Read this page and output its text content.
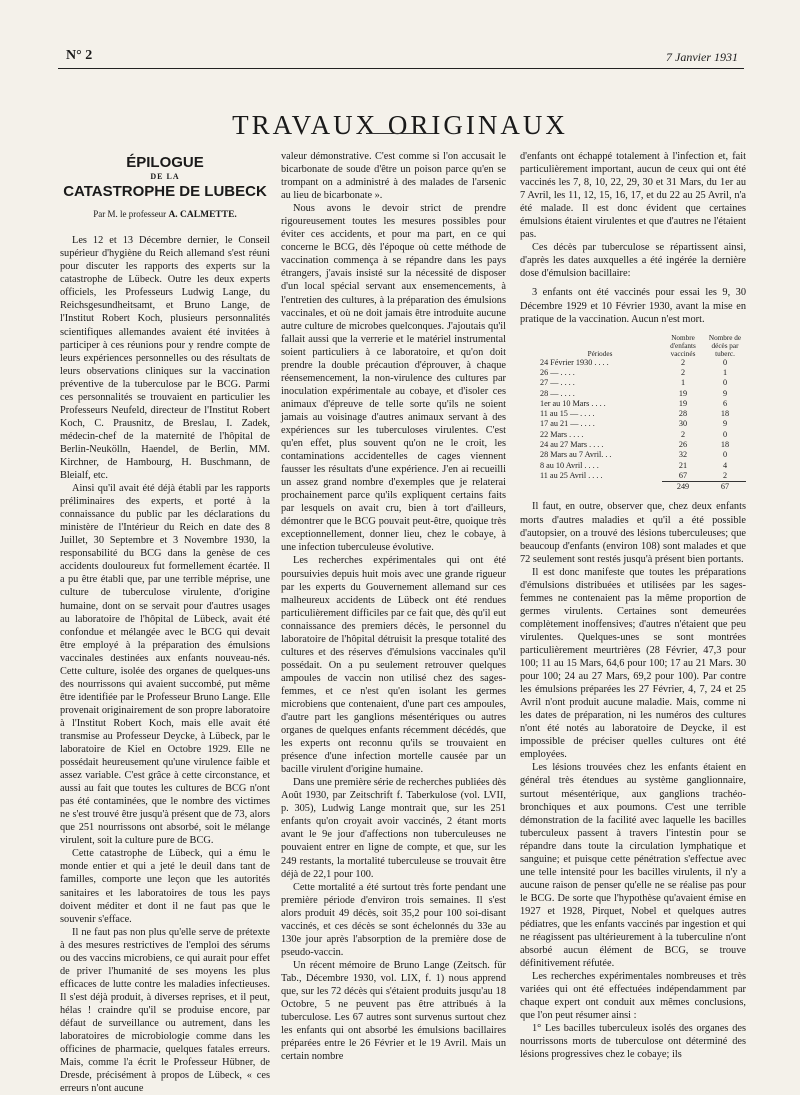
N° 2	7 Janvier 1931
TRAVAUX ORIGINAUX
ÉPILOGUE
DE LA
CATASTROPHE DE LUBECK
Par M. le professeur A. CALMETTE.

Les 12 et 13 Décembre dernier, le Conseil supérieur d'hygiène du Reich allemand s'est réuni pour discuter les rapports des experts sur la catastrophe de Lübeck. Outre les deux experts officiels, les Professeurs Ludwig Lange, du Reichsgesundheitsamt, et Bruno Lange, de l'Institut Robert Koch, plusieurs personnalités scientifiques allemandes avaient été invitées à participer à ces réunions pour y rendre compte de leurs expériences personnelles ou des résultats de leurs observations cliniques sur la vaccination préventive de la tuberculose par le BCG. Parmi ces personnalités se trouvaient en particulier les Professeurs Neufeld, directeur de l'Institut Robert Koch, C. Prausnitz, de Breslau, I. Zadek, médecin-chef de la maternité de l'hôpital de Berlin-Neukölln, Haendel, de Berlin, MM. Kirchner, de Hambourg, H. Buschmann, de Bleialf, etc.

Ainsi qu'il avait été déjà établi par les rapports préliminaires des experts, et porté à la connaissance du public par les déclarations du ministère de l'Intérieur du Reich en date des 8 Juillet, 30 Septembre et 3 Novembre 1930, la responsabilité du BCG dans la genèse de ces accidents douloureux fut formellement écartée. Il a pu être établi que, par une terrible méprise, une culture de tuberculose virulente, d'origine humaine, dont on se servait pour d'autres usages au laboratoire de l'hôpital de Lübeck, avait été confondue et mélangée avec le BCG qui devait être employé à la préparation des émulsions vaccinales destinées aux enfants nouveau-nés. Cette culture, isolée des organes de quelques-uns des nourrissons qui avaient succombé, put même être identifiée par le Professeur Bruno Lange. Elle provenait originairement de son propre laboratoire à l'Institut Robert Koch, mais elle avait été transmise au Professeur Deycke, à Lübeck, par le laboratoire de Kiel en Octobre 1929. Elle ne possédait heureusement qu'une virulence faible et assez variable. C'est grâce à cette circonstance, et aussi au fait que toutes les cultures de BCG n'ont pas été contaminées, que le nombre des victimes ne s'est trouvé être jusqu'à présent que de 73, alors que 251 nourrissons ont absorbé, soit le mélange virulent, soit la culture pure de BCG.

Cette catastrophe de Lübeck, qui a ému le monde entier et qui a jeté le deuil dans tant de familles, comporte une leçon que les autorités sanitaires et les laboratoires de tous les pays doivent méditer et dont il ne faut pas que le souvenir s'efface.

Il ne faut pas non plus qu'elle serve de prétexte à des mesures restrictives de l'emploi des sérums ou des vaccins microbiens, ce qui aurait pour effet de priver l'humanité de ses moyens les plus efficaces de lutte contre les maladies infectieuses. Il s'est déjà produit, à diverses reprises, et il peut, hélas ! craindre qu'il se produise encore, par défaut de surveillance ou autrement, dans les laboratoires de microbiologie comme dans les officines de pharmacie, quelques fatales erreurs. Mais, comme l'a écrit le Professeur Hübner, de Dresde, précisément à propos de Lübeck, « ces erreurs n'ont aucune

valeur démonstrative. C'est comme si l'on accusait le bicarbonate de soude d'être un poison parce qu'en se trompant on a administré à des malades de l'arsenic au lieu de bicarbonate ».

Nous avons le devoir strict de prendre rigoureusement toutes les mesures possibles pour éviter ces accidents, et pour ma part, en ce qui concerne le BCG, dès l'époque où cette méthode de vaccination commença à se répandre dans les pays étrangers, j'avais insisté sur la nécessité de disposer d'un local spécial servant aux ensemencements, à l'entretien des cultures, à la préparation des émulsions vaccinales, et où ne doit jamais être introduite aucune autre culture de microbes quelconques. J'ajoutais qu'il fallait aussi que la verrerie et le matériel instrumental soient particuliers à ce laboratoire, et qu'on doit prendre la double précaution d'éprouver, à chaque réensemencement, la non-virulence des cultures par inoculation expérimentale au cobaye, et d'isoler ces animaux d'épreuve de telle sorte qu'ils ne soient jamais au voisinage d'autres animaux servant à des expériences sur les tuberculoses virulentes. C'est qu'en effet, plus souvent qu'on ne le croit, les contaminations accidentelles de cages viennent fausser les résultats d'une expérience. J'en ai recueilli un assez grand nombre d'exemples que je relaterai prochainement parce qu'ils expliquent certains faits par lesquels on avait cru, bien à tort d'ailleurs, démontrer que le BCG pouvait peut-être, quoique très exceptionnellement, donner lieu, chez le cobaye, à une infection tuberculeuse évolutive.

Les recherches expérimentales qui ont été poursuivies depuis huit mois avec une grande rigueur par les experts du Gouvernement allemand sur ces malheureux accidents de Lübeck ont été rendues particulièrement difficiles par ce fait que, dès qu'il eut connaissance des premiers décès, le personnel du laboratoire de l'hôpital détruisit la presque totalité des cultures et des réserves d'émulsions vaccinales qu'il possédait. On a pu seulement retrouver quelques ampoules de vaccin non utilisé chez des sages-femmes, et ce n'est qu'en isolant les germes microbiens que contenaient, d'une part ces ampoules, d'autre part les ganglions mésentériques ou autres organes de quelques enfants récemment décédés, que les experts ont reconnu qu'ils se trouvaient en présence d'une infection mortelle causée par un bacille virulent d'origine humaine.

Dans une première série de recherches publiées dès Août 1930, par Zeitschrift f. Taberkulose (vol. LVII, p. 305), Ludwig Lange montrait que, sur les 251 enfants qu'on croyait avoir vaccinés, 2 étant morts avant le 9e jour d'affections non tuberculeuses ne pouvaient entrer en ligne de compte, et que, sur les 249 restants, la mortalité tuberculeuse se trouvait être déjà de 22,1 pour 100.

Cette mortalité a été surtout très forte pendant une première période d'environ trois semaines. Il s'est alors produit 49 décès, soit 35,2 pour 100 soi-disant vaccinés, et ces décès se sont échelonnés du 33e au 130e jour après l'absorption de la première dose de pseudo-vaccin.

Un récent mémoire de Bruno Lange (Zeitsch. für Tab., Décembre 1930, vol. LIX, f. 1) nous apprend que, sur les 72 décès qui s'étaient produits jusqu'au 18 Octobre, 5 ne peuvent pas être attribués à la tuberculose. Les 67 autres sont survenus surtout chez les enfants qui ont absorbé les émulsions bacillaires préparées entre le 26 Février et le 19 Avril. Mais un certain nombre

d'enfants ont échappé totalement à l'infection et, fait particulièrement important, aucun de ceux qui ont été vaccinés les 7, 8, 10, 22, 29, 30 et 31 Mars, du 1er au 7 Avril, les 11, 12, 15, 16, 17, et du 22 au 25 Avril, n'a été malade. Il est donc évident que certaines émulsions étaient virulentes et que d'autres ne l'étaient pas.

Ces décès par tuberculose se répartissent ainsi, d'après les dates auxquelles a été ingérée la dernière dose d'émulsion bacillaire:

3 enfants ont été vaccinés pour essai les 9, 30 Décembre 1929 et 10 Février 1930, avant la mise en pratique de la vaccination. Aucun n'est mort.

Périodes	Nombre d'enfants vaccinés	Nombre de décès par tuberc.
24 Février 1930 . . . .	2	0
26 — . . . .	2	1
27 — . . . .	1	0
28 — . . . .	19	9
1er au 10 Mars . . . .	19	6
11 au 15 — . . . .	28	18
17 au 21 — . . . .	30	9
22 Mars . . . .	2	0
24 au 27 Mars . . . .	26	18
28 Mars au 7 Avril. . .	32	0
8 au 10 Avril . . . .	21	4
11 au 25 Avril . . . .	67	2
	249	67

Il faut, en outre, observer que, chez deux enfants morts d'autres maladies et qu'il a été possible d'autopsier, on a trouvé des lésions tuberculeuses; que beaucoup d'enfants (environ 108) sont malades et que 72 seulement sont restés jusqu'à présent bien portants.

Il est donc manifeste que toutes les préparations d'émulsions distribuées et utilisées par les sages-femmes ne contenaient pas la même proportion de germes virulents. Certaines sont demeurées complètement inoffensives; d'autres n'étaient que peu virulentes. Quelques-unes se sont montrées particulièrement meurtrières (28 Février, 47,3 pour 100; 11 au 15 Mars, 64,6 pour 100; 17 au 21 Mars. 30 pour 100; 24 au 27 Mars, 69,2 pour 100). Par contre les émulsions préparées les 27 Février, 4, 7, 24 et 25 Avril n'ont produit aucune maladie. Mais, comme ni les dates de préparation, ni les numéros des cultures n'ont été notés au laboratoire de Deycke, il est impossible de préciser quelles cultures ont été employées.

Les lésions trouvées chez les enfants étaient en général très étendues au système ganglionnaire, surtout mésentérique, aux ganglions trachéo-bronchiques et aux poumons. C'est une terrible démonstration de la facilité avec laquelle les bacilles tuberculeux passent à travers l'intestin pour se répandre dans toute la circulation lymphatique et sanguine; et puisque cette pénétration s'effectue avec une telle intensité pour les bacilles virulents, il n'y a aucune raison de penser qu'elle ne se réalise pas pour le BCG. De sorte que l'hypothèse qu'avaient émise en 1927 et 1928, Pirquet, Nobel et quelques autres pédiatres, que les enfants vaccinés par ingestion et qui ne réagissent pas ultérieurement à la tuberculine n'ont absorbé aucun élément de BCG, se trouve définitivement réfutée.

Les recherches expérimentales nombreuses et très variées qui ont été effectuées indépendamment par chaque expert ont conduit aux mêmes conclusions, que l'on peut résumer ainsi :

1° Les bacilles tuberculeux isolés des organes des nourrissons morts de tuberculose ont déterminé des lésions progressives chez le cobaye; ils
